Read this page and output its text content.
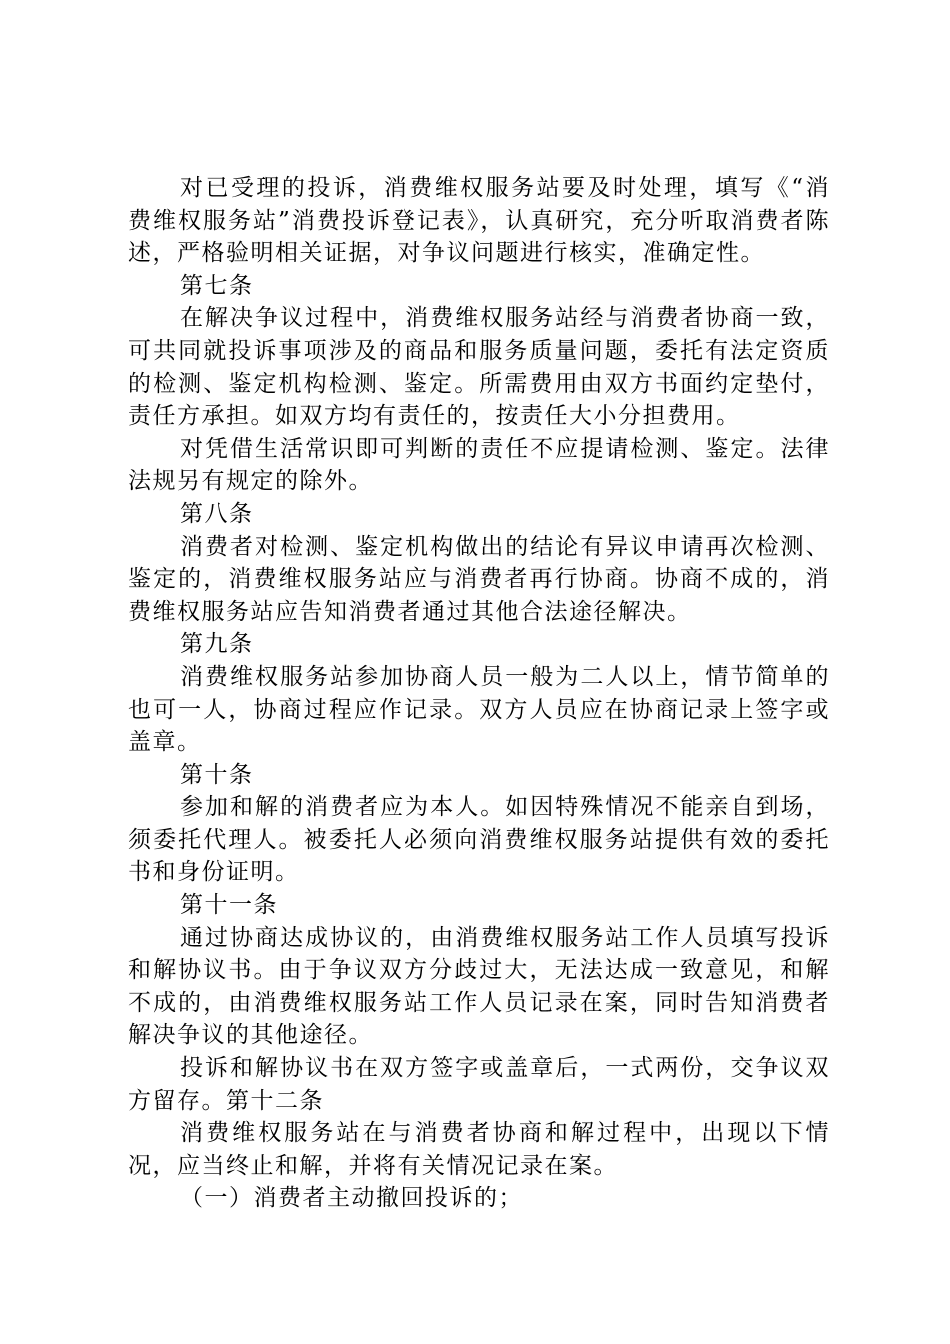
对已受理的投诉，消费维权服务站要及时处理，填写《“消费维权服务站”消费投诉登记表》，认真研究，充分听取消费者陈述，严格验明相关证据，对争议问题进行核实，准确定性。

第七条

在解决争议过程中，消费维权服务站经与消费者协商一致，可共同就投诉事项涉及的商品和服务质量问题，委托有法定资质的检测、鉴定机构检测、鉴定。所需费用由双方书面约定垫付，责任方承担。如双方均有责任的，按责任大小分担费用。

对凭借生活常识即可判断的责任不应提请检测、鉴定。法律法规另有规定的除外。

第八条

消费者对检测、鉴定机构做出的结论有异议申请再次检测、鉴定的，消费维权服务站应与消费者再行协商。协商不成的，消费维权服务站应告知消费者通过其他合法途径解决。

第九条

消费维权服务站参加协商人员一般为二人以上，情节简单的也可一人，协商过程应作记录。双方人员应在协商记录上签字或盖章。

第十条

参加和解的消费者应为本人。如因特殊情况不能亲自到场，须委托代理人。被委托人必须向消费维权服务站提供有效的委托书和身份证明。

第十一条

通过协商达成协议的，由消费维权服务站工作人员填写投诉和解协议书。由于争议双方分歧过大，无法达成一致意见，和解不成的，由消费维权服务站工作人员记录在案，同时告知消费者解决争议的其他途径。

投诉和解协议书在双方签字或盖章后，一式两份，交争议双方留存。第十二条

消费维权服务站在与消费者协商和解过程中，出现以下情况，应当终止和解，并将有关情况记录在案。

（一）消费者主动撤回投诉的；
